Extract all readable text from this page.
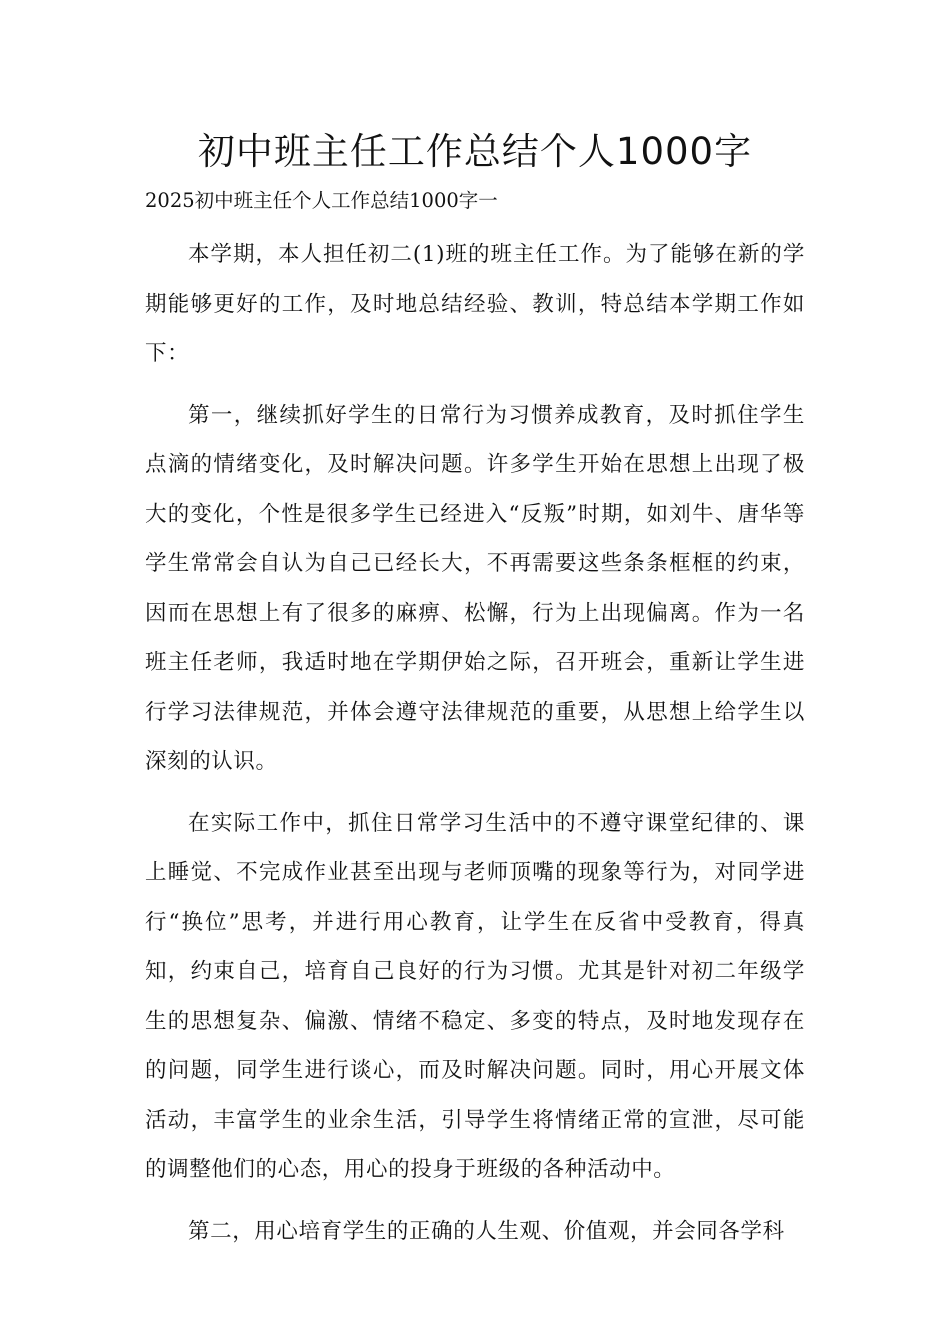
初中班主任工作总结个人1000字

2025初中班主任个人工作总结1000字一

本学期，本人担任初二(1)班的班主任工作。为了能够在新的学期能够更好的工作，及时地总结经验、教训，特总结本学期工作如下：

第一，继续抓好学生的日常行为习惯养成教育，及时抓住学生点滴的情绪变化，及时解决问题。许多学生开始在思想上出现了极大的变化，个性是很多学生已经进入“反叛”时期，如刘牛、唐华等学生常常会自认为自己已经长大，不再需要这些条条框框的约束，因而在思想上有了很多的麻痹、松懈，行为上出现偏离。作为一名班主任老师，我适时地在学期伊始之际，召开班会，重新让学生进行学习法律规范，并体会遵守法律规范的重要，从思想上给学生以深刻的认识。

在实际工作中，抓住日常学习生活中的不遵守课堂纪律的、课上睡觉、不完成作业甚至出现与老师顶嘴的现象等行为，对同学进行“换位”思考，并进行用心教育，让学生在反省中受教育，得真知，约束自己，培育自己良好的行为习惯。尤其是针对初二年级学生的思想复杂、偏激、情绪不稳定、多变的特点，及时地发现存在的问题，同学生进行谈心，而及时解决问题。同时，用心开展文体活动，丰富学生的业余生活，引导学生将情绪正常的宣泄，尽可能的调整他们的心态，用心的投身于班级的各种活动中。

第二，用心培育学生的正确的人生观、价值观，并会同各学科
